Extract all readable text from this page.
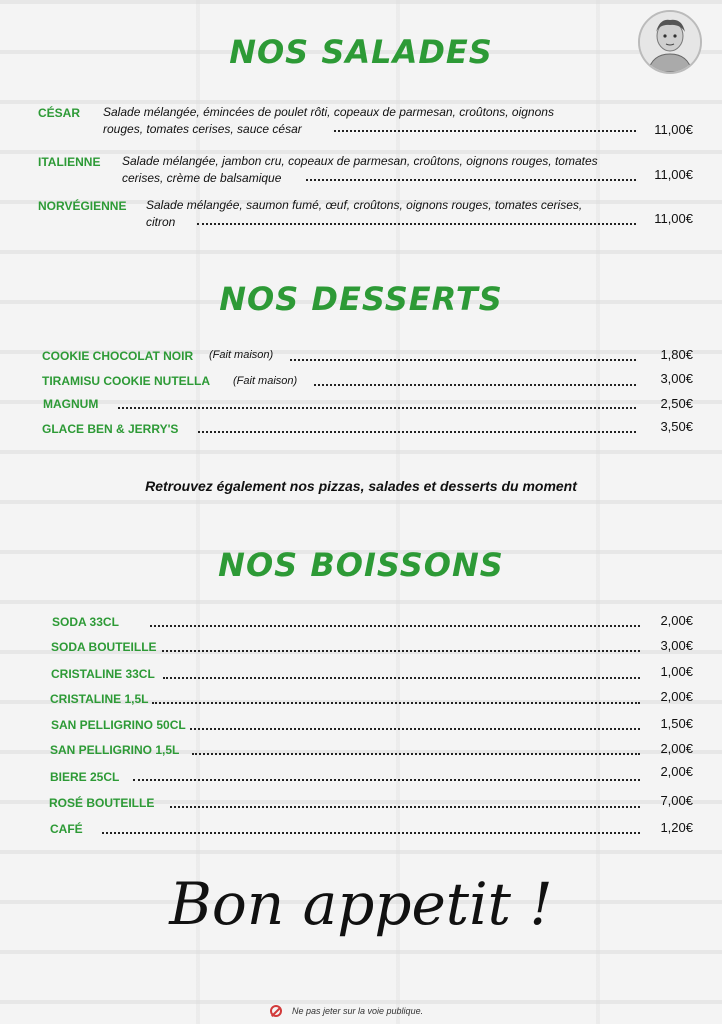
NOS SALADES
CÉSAR Salade mélangée, émincées de poulet rôti, copeaux de parmesan, croûtons, oignons
rouges, tomates cerises, sauce césar	11,00€
ITALIENNE Salade mélangée, jambon cru, copeaux de parmesan, croûtons, oignons rouges, tomates
cerises, crème de balsamique	11,00€
NORVÉGIENNE Salade mélangée, saumon fumé, œuf, croûtons, oignons rouges, tomates cerises,
citron	11,00€
NOS DESSERTS
COOKIE CHOCOLAT NOIR (Fait maison)	1,80€
TIRAMISU COOKIE NUTELLA (Fait maison)	3,00€
MAGNUM	2,50€
GLACE BEN & JERRY'S	3,50€

Retrouvez également nos pizzas, salades et desserts du moment

NOS BOISSONS
SODA 33CL	2,00€
SODA BOUTEILLE	3,00€
CRISTALINE 33CL	1,00€
CRISTALINE 1,5L	2,00€
SAN PELLIGRINO 50CL	1,50€
SAN PELLIGRINO 1,5L	2,00€
BIERE 25CL	2,00€
ROSÉ BOUTEILLE	7,00€
CAFÉ	1,20€

Bon appetit !

Ne pas jeter sur la voie publique.
